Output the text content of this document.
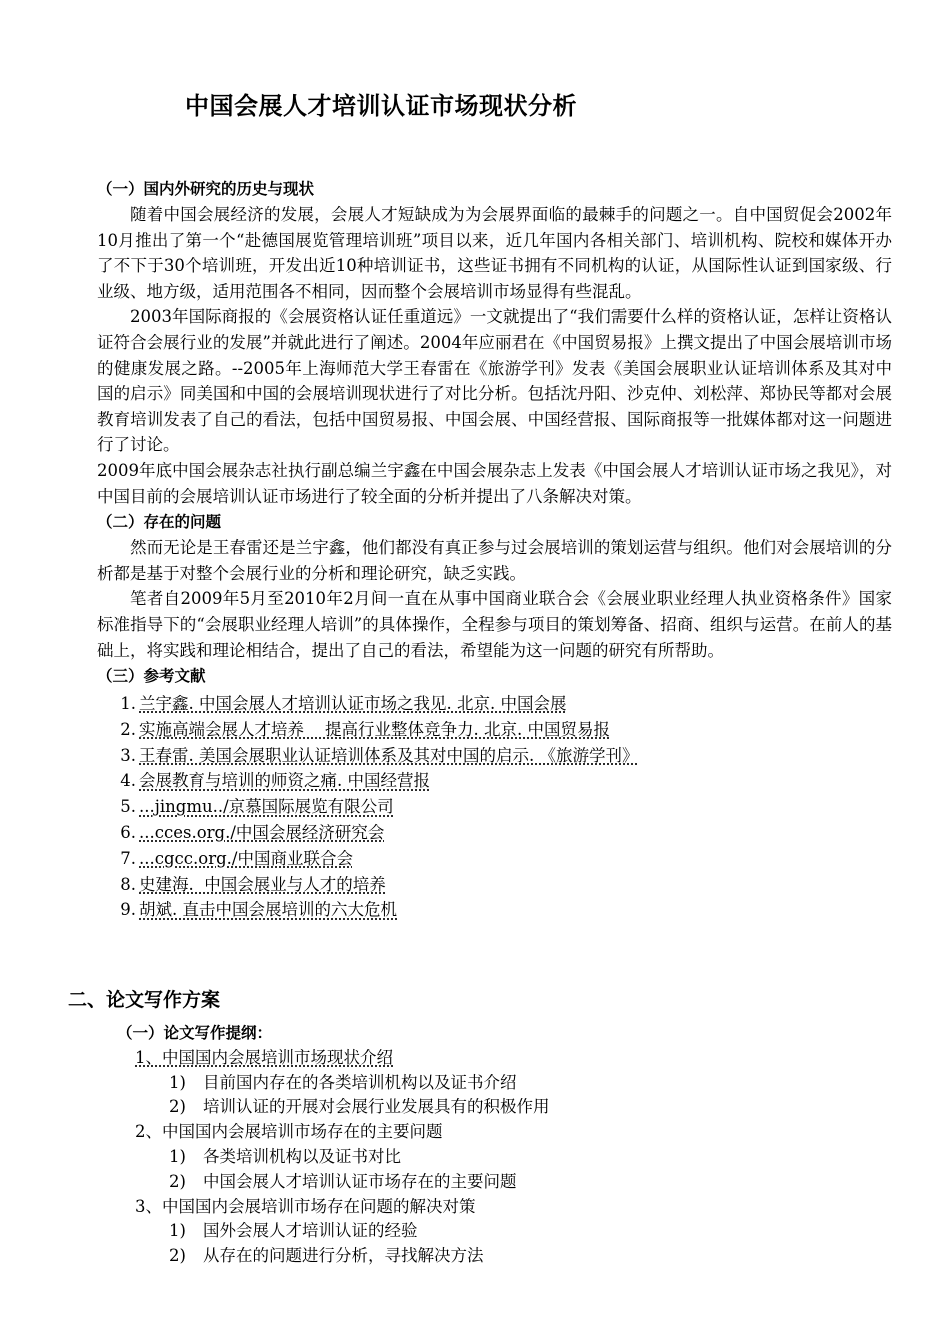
中国会展人才培训认证市场现状分析
（一）国内外研究的历史与现状

随着中国会展经济的发展，会展人才短缺成为为会展界面临的最棘手的问题之一。自中国贸促会2002年10月推出了第一个“赴德国展览管理培训班”项目以来，近几年国内各相关部门、培训机构、院校和媒体开办了不下于30个培训班，开发出近10种培训证书，这些证书拥有不同机构的认证，从国际性认证到国家级、行业级、地方级，适用范围各不相同，因而整个会展培训市场显得有些混乱。

2003年国际商报的《会展资格认证任重道远》一文就提出了“我们需要什么样的资格认证，怎样让资格认证符合会展行业的发展”并就此进行了阐述。2004年应丽君在《中国贸易报》上撰文提出了中国会展培训市场的健康发展之路。--2005年上海师范大学王春雷在《旅游学刊》发表《美国会展职业认证培训体系及其对中国的启示》同美国和中国的会展培训现状进行了对比分析。包括沈丹阳、沙克仲、刘松萍、郑协民等都对会展教育培训发表了自己的看法，包括中国贸易报、中国会展、中国经营报、国际商报等一批媒体都对这一问题进行了讨论。

2009年底中国会展杂志社执行副总编兰宇鑫在中国会展杂志上发表《中国会展人才培训认证市场之我见》，对中国目前的会展培训认证市场进行了较全面的分析并提出了八条解决对策。

（二）存在的问题

然而无论是王春雷还是兰宇鑫，他们都没有真正参与过会展培训的策划运营与组织。他们对会展培训的分析都是基于对整个会展行业的分析和理论研究，缺乏实践。

笔者自2009年5月至2010年2月间一直在从事中国商业联合会《会展业职业经理人执业资格条件》国家标准指导下的“会展职业经理人培训”的具体操作，全程参与项目的策划筹备、招商、组织与运营。在前人的基础上，将实践和理论相结合，提出了自己的看法，希望能为这一问题的研究有所帮助。

（三）参考文献
1. 兰宇鑫. 中国会展人才培训认证市场之我见. 北京. 中国会展
2. 实施高端会展人才培养    提高行业整体竞争力. 北京. 中国贸易报
3. 王春雷. 美国会展职业认证培训体系及其对中国的启示. 《旅游学刊》
4. 会展教育与培训的师资之痛. 中国经营报
5. ...jingmu../京慕国际展览有限公司
6. ...cces.org./中国会展经济研究会
7. ...cgcc.org./中国商业联合会
8. 史建海.  中国会展业与人才的培养
9. 胡斌. 直击中国会展培训的六大危机
二、论文写作方案
（一）论文写作提纲：
1、中国国内会展培训市场现状介绍
1) 目前国内存在的各类培训机构以及证书介绍
2) 培训认证的开展对会展行业发展具有的积极作用
2、中国国内会展培训市场存在的主要问题
1) 各类培训机构以及证书对比
2) 中国会展人才培训认证市场存在的主要问题
3、中国国内会展培训市场存在问题的解决对策
1) 国外会展人才培训认证的经验
2) 从存在的问题进行分析，寻找解决方法
